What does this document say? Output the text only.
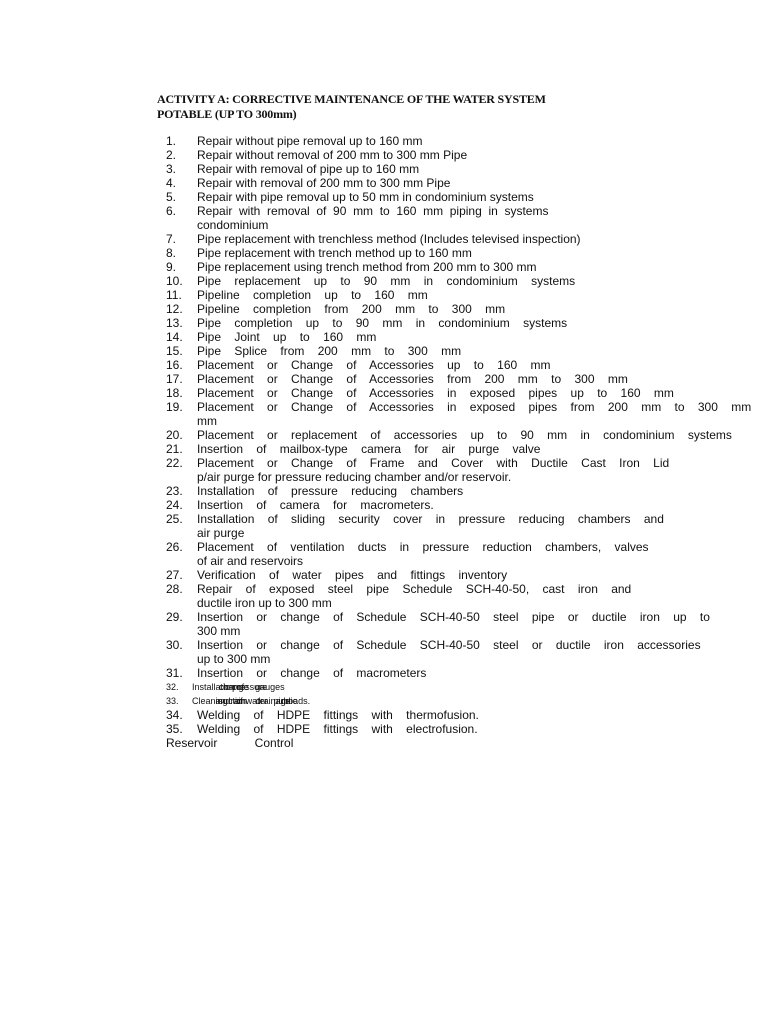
ACTIVITY A: CORRECTIVE MAINTENANCE OF THE WATER SYSTEM
POTABLE (UP TO 300mm)
1.	Repair without pipe removal up to 160 mm
2.	Repair without removal of 200 mm to 300 mm Pipe
3.	Repair with removal of pipe up to 160 mm
4.	Repair with removal of 200 mm to 300 mm Pipe
5.	Repair with pipe removal up to 50 mm in condominium systems
6.	Repair  with  removal  of  90  mm  to  160  mm  piping  in  systems
condominium
7.	Pipe replacement with trenchless method (Includes televised inspection)
8.	Pipe replacement with trench method up to 160 mm
9.	Pipe replacement using trench method from 200 mm to 300 mm
10.	Pipe    replacement    up    to    90    mm    in    condominium    systems
11.	Pipeline    completion    up    to    160    mm
12.	Pipeline    completion    from    200    mm    to    300    mm
13.	Pipe    completion    up    to    90    mm    in    condominium    systems
14.	Pipe    Joint    up    to    160    mm
15.	Pipe    Splice    from    200    mm    to    300    mm
16.	Placement    or    Change    of    Accessories    up    to    160    mm
17.	Placement    or    Change    of    Accessories    from    200    mm    to    300    mm
18.	Placement    or    Change    of    Accessories    in    exposed    pipes    up    to    160    mm
19.	Placement    or    Change    of    Accessories    in    exposed    pipes    from    200    mm    to    300    mm
mm
20.	Placement    or    replacement    of    accessories    up    to    90    mm    in    condominium    systems
21.	Insertion    of    mailbox-type    camera    for    air    purge    valve
22.	Placement    or    Change    of    Frame    and    Cover    with    Ductile    Cast    Iron    Lid
p/air purge for pressure reducing chamber and/or reservoir.
23.	Installation    of    pressure    reducing    chambers
24.	Insertion    of    camera    for    macrometers.
25.	Installation    of    sliding    security    cover    in    pressure    reducing    chambers    and
air purge
26.	Placement    of    ventilation    ducts    in    pressure    reduction    chambers,    valves
of air and reservoirs
27.	Verification    of    water    pipes    and    fittings    inventory
28.	Repair    of    exposed    steel    pipe    Schedule    SCH-40-50,    cast    iron    and
ductile iron up to 300 mm
29.	Insertion    or    change    of    Schedule    SCH-40-50    steel    pipe    or    ductile    iron    up    to
300 mm
30.	Insertion    or    change    of    Schedule    SCH-40-50    steel    or    ductile    iron    accessories
up to 300 mm
31.	Insertion    or    change    of    macrometers
32.	Installation    or    change    of    pressure    gauges
33.	Cleaning    and    suction    of    rainwater    drainage    in    public    roads.
34.	Welding    of    HDPE    fittings    with    thermofusion.
35.	Welding    of    HDPE    fittings    with    electrofusion.
Reservoir    Control
